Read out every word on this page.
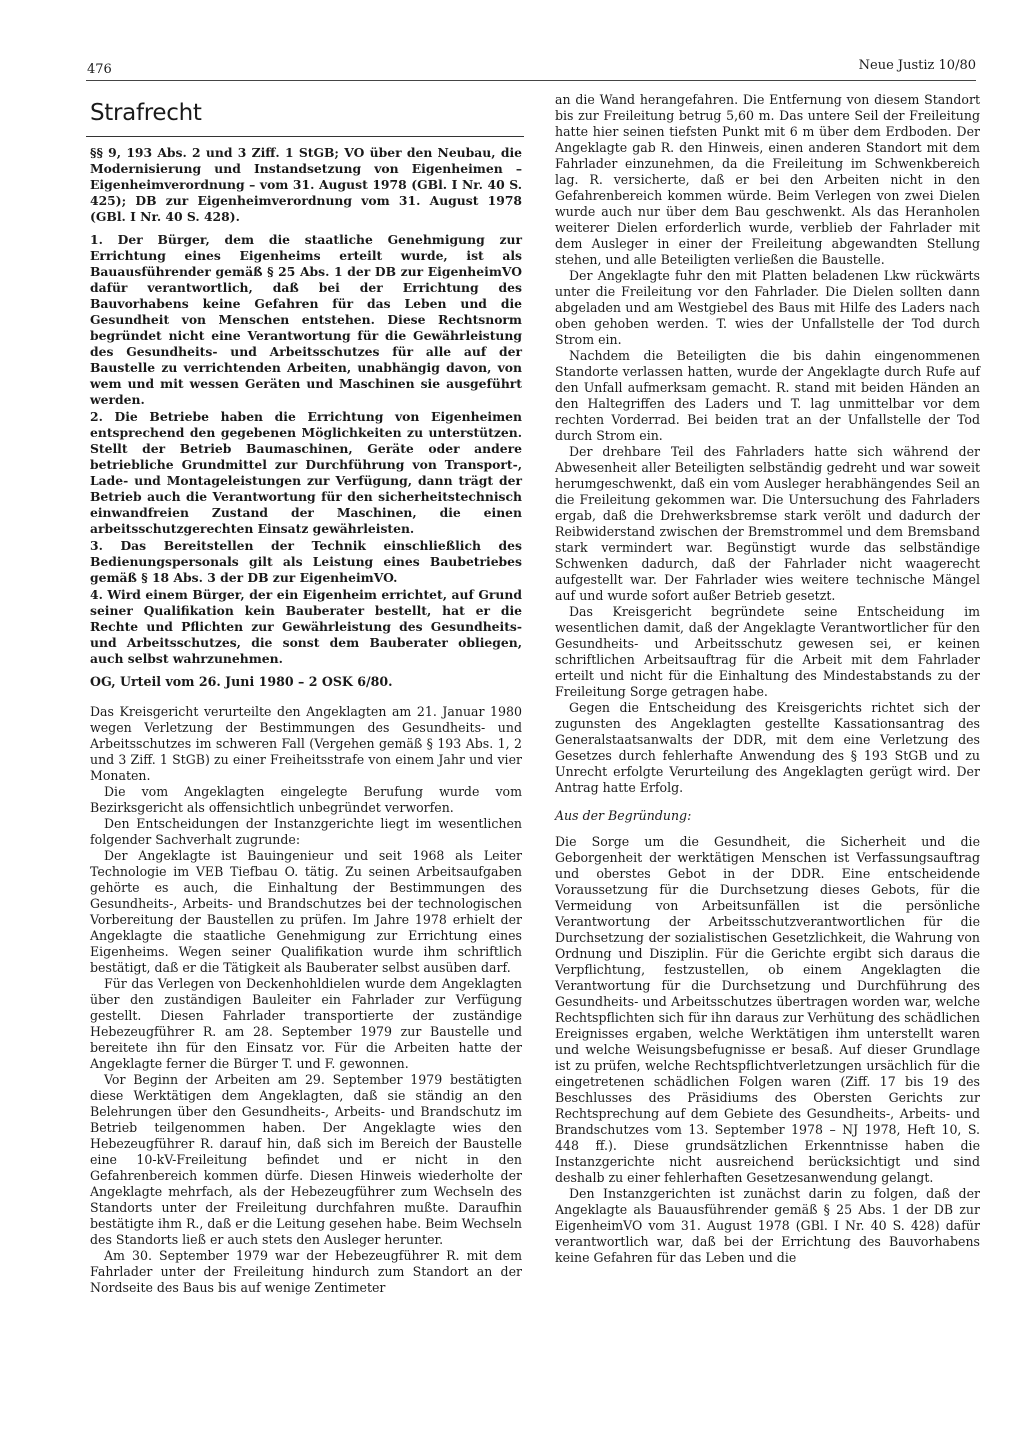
476	Neue Justiz 10/80
Strafrecht
§§ 9, 193 Abs. 2 und 3 Ziff. 1 StGB; VO über den Neubau, die Modernisierung und Instandsetzung von Eigenheimen – Eigenheimverordnung – vom 31. August 1978 (GBl. I Nr. 40 S. 425); DB zur Eigenheimverordnung vom 31. August 1978 (GBl. I Nr. 40 S. 428).
1. Der Bürger, dem die staatliche Genehmigung zur Errichtung eines Eigenheims erteilt wurde, ist als Bauausführender gemäß § 25 Abs. 1 der DB zur EigenheimVO dafür verantwortlich, daß bei der Errichtung des Bauvorhabens keine Gefahren für das Leben und die Gesundheit von Menschen entstehen. Diese Rechtsnorm begründet nicht eine Verantwortung für die Gewährleistung des Gesundheits- und Arbeitsschutzes für alle auf der Baustelle zu verrichtenden Arbeiten, unabhängig davon, von wem und mit wessen Geräten und Maschinen sie ausgeführt werden.
2. Die Betriebe haben die Errichtung von Eigenheimen entsprechend den gegebenen Möglichkeiten zu unterstützen. Stellt der Betrieb Baumaschinen, Geräte oder andere betriebliche Grundmittel zur Durchführung von Transport-, Lade- und Montageleistungen zur Verfügung, dann trägt der Betrieb auch die Verantwortung für den sicherheitstechnisch einwandfreien Zustand der Maschinen, die einen arbeitsschutzgerechten Einsatz gewährleisten.
3. Das Bereitstellen der Technik einschließlich des Bedienungspersonals gilt als Leistung eines Baubetriebes gemäß § 18 Abs. 3 der DB zur EigenheimVO.
4. Wird einem Bürger, der ein Eigenheim errichtet, auf Grund seiner Qualifikation kein Bauberater bestellt, hat er die Rechte und Pflichten zur Gewährleistung des Gesundheits- und Arbeitsschutzes, die sonst dem Bauberater obliegen, auch selbst wahrzunehmen.
OG, Urteil vom 26. Juni 1980 – 2 OSK 6/80.

Das Kreisgericht verurteilte den Angeklagten am 21. Januar 1980 wegen Verletzung der Bestimmungen des Gesundheits- und Arbeitsschutzes im schweren Fall (Vergehen gemäß § 193 Abs. 1, 2 und 3 Ziff. 1 StGB) zu einer Freiheitsstrafe von einem Jahr und vier Monaten.

Die vom Angeklagten eingelegte Berufung wurde vom Bezirksgericht als offensichtlich unbegründet verworfen.

Den Entscheidungen der Instanzgerichte liegt im wesentlichen folgender Sachverhalt zugrunde:

Der Angeklagte ist Bauingenieur und seit 1968 als Leiter Technologie im VEB Tiefbau O. tätig. Zu seinen Arbeitsaufgaben gehörte es auch, die Einhaltung der Bestimmungen des Gesundheits-, Arbeits- und Brandschutzes bei der technologischen Vorbereitung der Baustellen zu prüfen. Im Jahre 1978 erhielt der Angeklagte die staatliche Genehmigung zur Errichtung eines Eigenheims. Wegen seiner Qualifikation wurde ihm schriftlich bestätigt, daß er die Tätigkeit als Bauberater selbst ausüben darf.

Für das Verlegen von Deckenhohldielen wurde dem Angeklagten über den zuständigen Bauleiter ein Fahrlader zur Verfügung gestellt. Diesen Fahrlader transportierte der zuständige Hebezeugführer R. am 28. September 1979 zur Baustelle und bereitete ihn für den Einsatz vor. Für die Arbeiten hatte der Angeklagte ferner die Bürger T. und F. gewonnen.

Vor Beginn der Arbeiten am 29. September 1979 bestätigten diese Werktätigen dem Angeklagten, daß sie ständig an den Belehrungen über den Gesundheits-, Arbeits- und Brandschutz im Betrieb teilgenommen haben. Der Angeklagte wies den Hebezeugführer R. darauf hin, daß sich im Bereich der Baustelle eine 10-kV-Freileitung befindet und er nicht in den Gefahrenbereich kommen dürfe. Diesen Hinweis wiederholte der Angeklagte mehrfach, als der Hebezeugführer zum Wechseln des Standorts unter der Freileitung durchfahren mußte. Daraufhin bestätigte ihm R., daß er die Leitung gesehen habe. Beim Wechseln des Standorts ließ er auch stets den Ausleger herunter.

Am 30. September 1979 war der Hebezeugführer R. mit dem Fahrlader unter der Freileitung hindurch zum Standort an der Nordseite des Baus bis auf wenige Zentimeter

an die Wand herangefahren. Die Entfernung von diesem Standort bis zur Freileitung betrug 5,60 m. Das untere Seil der Freileitung hatte hier seinen tiefsten Punkt mit 6 m über dem Erdboden. Der Angeklagte gab R. den Hinweis, einen anderen Standort mit dem Fahrlader einzunehmen, da die Freileitung im Schwenkbereich lag. R. versicherte, daß er bei den Arbeiten nicht in den Gefahrenbereich kommen würde. Beim Verlegen von zwei Dielen wurde auch nur über dem Bau geschwenkt. Als das Heranholen weiterer Dielen erforderlich wurde, verblieb der Fahrlader mit dem Ausleger in einer der Freileitung abgewandten Stellung stehen, und alle Beteiligten verließen die Baustelle.

Der Angeklagte fuhr den mit Platten beladenen Lkw rückwärts unter die Freileitung vor den Fahrlader. Die Dielen sollten dann abgeladen und am Westgiebel des Baus mit Hilfe des Laders nach oben gehoben werden. T. wies der Unfallstelle der Tod durch Strom ein.

Nachdem die Beteiligten die bis dahin eingenommenen Standorte verlassen hatten, wurde der Angeklagte durch Rufe auf den Unfall aufmerksam gemacht. R. stand mit beiden Händen an den Haltegriffen des Laders und T. lag unmittelbar vor dem rechten Vorderrad. Bei beiden trat an der Unfallstelle der Tod durch Strom ein.

Der drehbare Teil des Fahrladers hatte sich während der Abwesenheit aller Beteiligten selbständig gedreht und war soweit herumgeschwenkt, daß ein vom Ausleger herabhängendes Seil an die Freileitung gekommen war. Die Untersuchung des Fahrladers ergab, daß die Drehwerksbremse stark verölt und dadurch der Reibwiderstand zwischen der Bremstrommel und dem Bremsband stark vermindert war. Begünstigt wurde das selbständige Schwenken dadurch, daß der Fahrlader nicht waagerecht aufgestellt war. Der Fahrlader wies weitere technische Mängel auf und wurde sofort außer Betrieb gesetzt.

Das Kreisgericht begründete seine Entscheidung im wesentlichen damit, daß der Angeklagte Verantwortlicher für den Gesundheits- und Arbeitsschutz gewesen sei, er keinen schriftlichen Arbeitsauftrag für die Arbeit mit dem Fahrlader erteilt und nicht für die Einhaltung des Mindestabstands zu der Freileitung Sorge getragen habe.

Gegen die Entscheidung des Kreisgerichts richtet sich der zugunsten des Angeklagten gestellte Kassationsantrag des Generalstaatsanwalts der DDR, mit dem eine Verletzung des Gesetzes durch fehlerhafte Anwendung des § 193 StGB und zu Unrecht erfolgte Verurteilung des Angeklagten gerügt wird. Der Antrag hatte Erfolg.

Aus der Begründung:

Die Sorge um die Gesundheit, die Sicherheit und die Geborgenheit der werktätigen Menschen ist Verfassungsauftrag und oberstes Gebot in der DDR. Eine entscheidende Voraussetzung für die Durchsetzung dieses Gebots, für die Vermeidung von Arbeitsunfällen ist die persönliche Verantwortung der Arbeitsschutzverantwortlichen für die Durchsetzung der sozialistischen Gesetzlichkeit, die Wahrung von Ordnung und Disziplin. Für die Gerichte ergibt sich daraus die Verpflichtung, festzustellen, ob einem Angeklagten die Verantwortung für die Durchsetzung und Durchführung des Gesundheits- und Arbeitsschutzes übertragen worden war, welche Rechtspflichten sich für ihn daraus zur Verhütung des schädlichen Ereignisses ergaben, welche Werktätigen ihm unterstellt waren und welche Weisungsbefugnisse er besaß. Auf dieser Grundlage ist zu prüfen, welche Rechtspflichtverletzungen ursächlich für die eingetretenen schädlichen Folgen waren (Ziff. 17 bis 19 des Beschlusses des Präsidiums des Obersten Gerichts zur Rechtsprechung auf dem Gebiete des Gesundheits-, Arbeits- und Brandschutzes vom 13. September 1978 – NJ 1978, Heft 10, S. 448 ff.). Diese grundsätzlichen Erkenntnisse haben die Instanzgerichte nicht ausreichend berücksichtigt und sind deshalb zu einer fehlerhaften Gesetzesanwendung gelangt.

Den Instanzgerichten ist zunächst darin zu folgen, daß der Angeklagte als Bauausführender gemäß § 25 Abs. 1 der DB zur EigenheimVO vom 31. August 1978 (GBl. I Nr. 40 S. 428) dafür verantwortlich war, daß bei der Errichtung des Bauvorhabens keine Gefahren für das Leben und die
